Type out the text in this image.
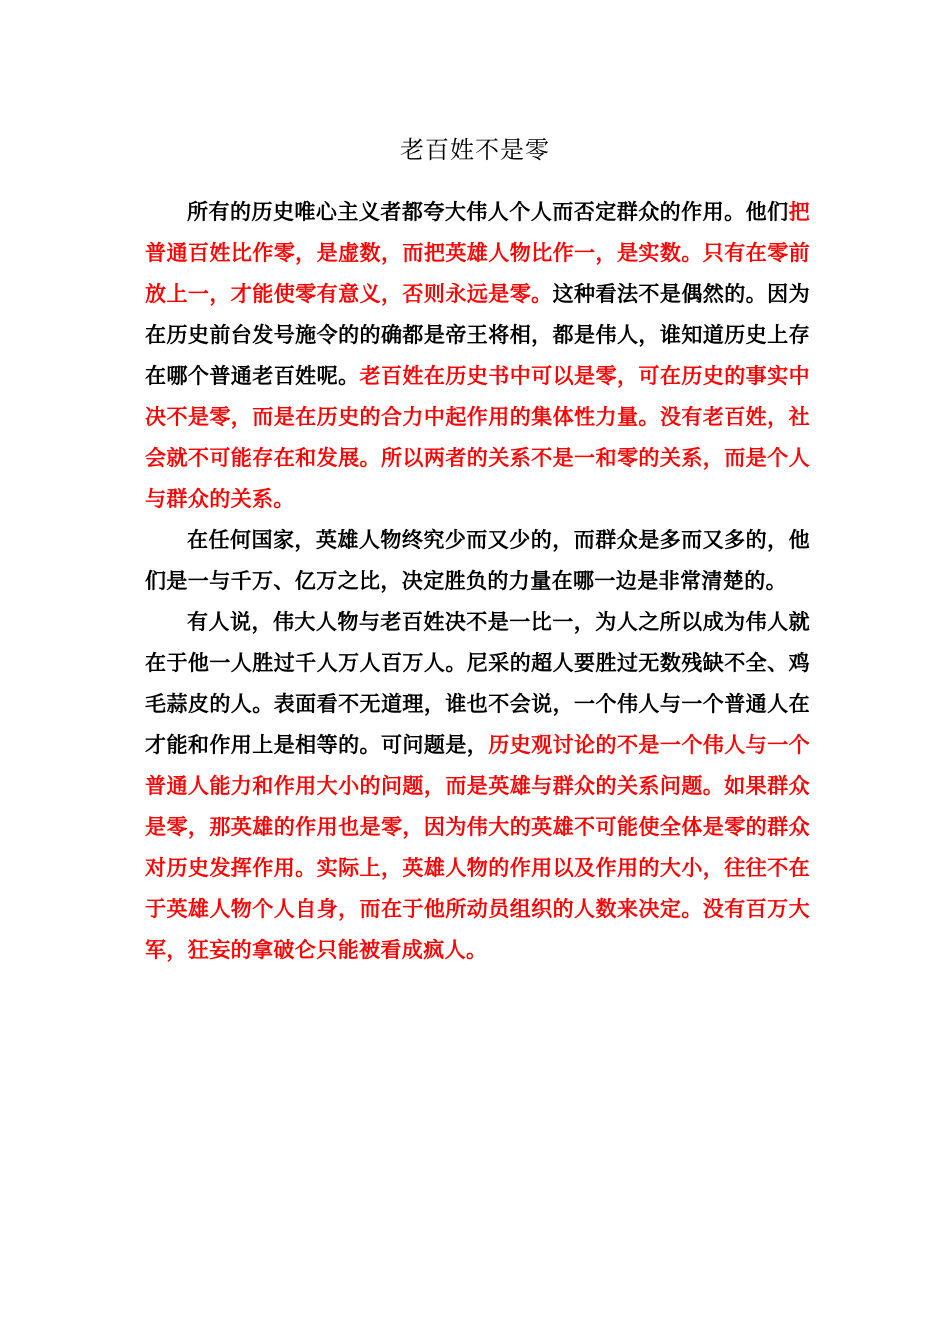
老百姓不是零

所有的历史唯心主义者都夸大伟人个人而否定群众的作用。他们把普通百姓比作零，是虚数，而把英雄人物比作一，是实数。只有在零前放上一，才能使零有意义，否则永远是零。这种看法不是偶然的。因为在历史前台发号施令的的确都是帝王将相，都是伟人，谁知道历史上存在哪个普通老百姓呢。老百姓在历史书中可以是零，可在历史的事实中决不是零，而是在历史的合力中起作用的集体性力量。没有老百姓，社会就不可能存在和发展。所以两者的关系不是一和零的关系，而是个人与群众的关系。

在任何国家，英雄人物终究少而又少的，而群众是多而又多的，他们是一与千万、亿万之比，决定胜负的力量在哪一边是非常清楚的。

有人说，伟大人物与老百姓决不是一比一，为人之所以成为伟人就在于他一人胜过千人万人百万人。尼采的超人要胜过无数残缺不全、鸡毛蒜皮的人。表面看不无道理，谁也不会说，一个伟人与一个普通人在才能和作用上是相等的。可问题是，历史观讨论的不是一个伟人与一个普通人能力和作用大小的问题，而是英雄与群众的关系问题。如果群众是零，那英雄的作用也是零，因为伟大的英雄不可能使全体是零的群众对历史发挥作用。实际上，英雄人物的作用以及作用的大小，往往不在于英雄人物个人自身，而在于他所动员组织的人数来决定。没有百万大军，狂妄的拿破仑只能被看成疯人。
